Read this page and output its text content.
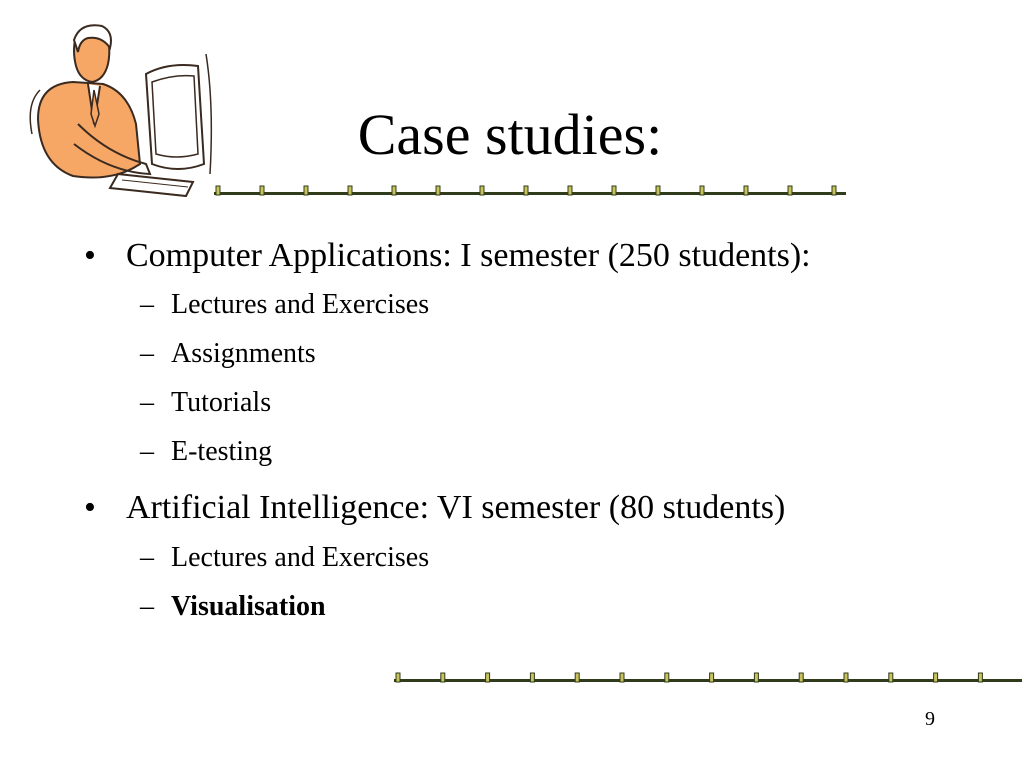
Case studies:
• Computer Applications: I semester (250 students):
– Lectures and Exercises
– Assignments
– Tutorials
– E-testing
• Artificial Intelligence: VI semester (80 students)
– Lectures and Exercises
– Visualisation
9
